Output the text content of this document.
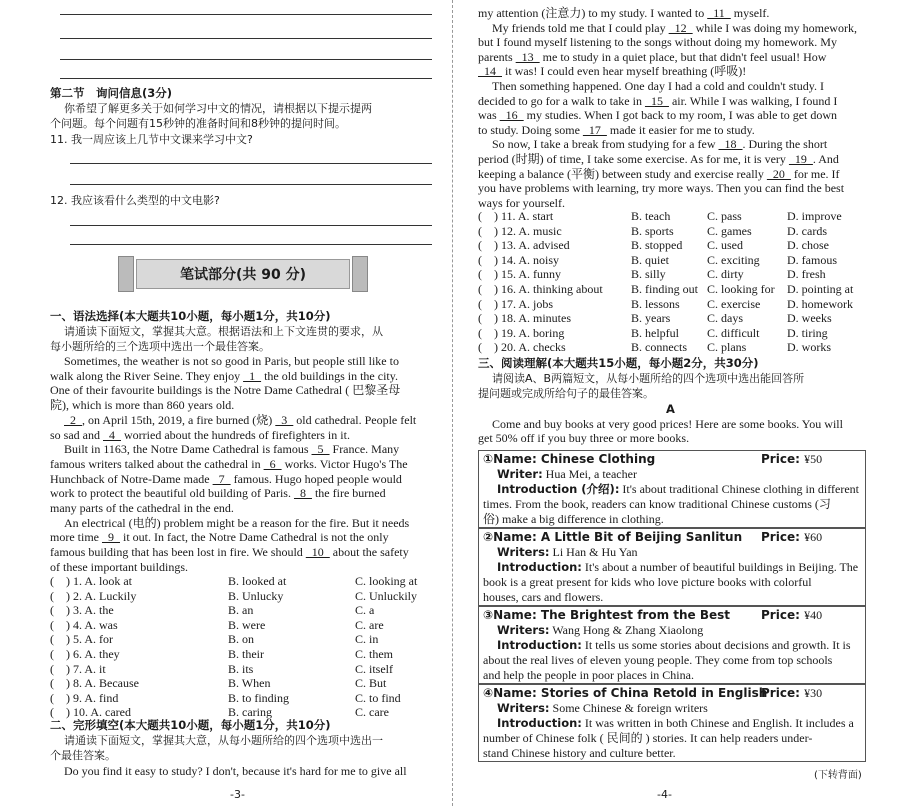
第二节　询问信息(3分)
你希望了解更多关于如何学习中文的情况，请根据以下提示提两
个问题。每个问题有15秒钟的准备时间和8秒钟的提问时间。
11. 我一周应该上几节中文课来学习中文?
12. 我应该看什么类型的中文电影?
笔试部分(共 90 分)
一、语法选择(本大题共10小题，每小题1分，共10分)
请通读下面短文，掌握其大意。根据语法和上下文连贯的要求，从
每小题所给的三个选项中选出一个最佳答案。
Sometimes, the weather is not so good in Paris, but people still like to
walk along the River Seine. They enjoy   1   the old buildings in the city.
One of their favourite buildings is the Notre Dame Cathedral ( 巴黎圣母
院), which is more than 860 years old.
2  , on April 15th, 2019, a fire burned (烧)   3   old cathedral. People felt
so sad and   4   worried about the hundreds of firefighters in it.
Built in 1163, the Notre Dame Cathedral is famous   5   France. Many
famous writers talked about the cathedral in   6   works. Victor Hugo's The
Hunchback of Notre-Dame made   7   famous. Hugo hoped people would
work to protect the beautiful old building of Paris.   8   the fire burned
many parts of the cathedral in the end.
An electrical (电的) problem might be a reason for the fire. But it needs
more time   9   it out. In fact, the Notre Dame Cathedral is not the only
famous building that has been lost in fire. We should   10   about the safety
of these important buildings.
(　) 1. A. look at	B. looked at	C. looking at
(　) 2. A. Luckily	B. Unlucky	C. Unluckily
(　) 3. A. the	B. an	C. a
(　) 4. A. was	B. were	C. are
(　) 5. A. for	B. on	C. in
(　) 6. A. they	B. their	C. them
(　) 7. A. it	B. its	C. itself
(　) 8. A. Because	B. When	C. But
(　) 9. A. find	B. to finding	C. to find
(　) 10. A. cared	B. caring	C. care
二、完形填空(本大题共10小题，每小题1分，共10分)
请通读下面短文，掌握其大意，从每小题所给的四个选项中选出一
个最佳答案。
Do you find it easy to study? I don't, because it's hard for me to give all
-3-
my attention (注意力) to my study. I wanted to   11   myself.
My friends told me that I could play   12   while I was doing my homework,
but I found myself listening to the songs without doing my homework. My
parents   13   me to study in a quiet place, but that didn't feel usual! How
14   it was! I could even hear myself breathing (呼吸)!
Then something happened. One day I had a cold and couldn't study. I
decided to go for a walk to take in   15   air. While I was walking, I found I
was   16   my studies. When I got back to my room, I was able to get down
to study. Doing some   17   made it easier for me to study.
So now, I take a break from studying for a few   18  . During the short
period (时期) of time, I take some exercise. As for me, it is very   19  . And
keeping a balance (平衡) between study and exercise really   20   for me. If
you have problems with learning, try more ways. Then you can find the best
ways for yourself.
(　) 11. A. start	B. teach	C. pass	D. improve
(　) 12. A. music	B. sports	C. games	D. cards
(　) 13. A. advised	B. stopped C. used	D. chose
(　) 14. A. noisy	B. quiet	C. exciting D. famous
(　) 15. A. funny	B. silly	C. dirty	D. fresh
(　) 16. A. thinking about B. finding out C. looking for D. pointing at
(　) 17. A. jobs	B. lessons C. exercise D. homework
(　) 18. A. minutes	B. years	C. days	D. weeks
(　) 19. A. boring	B. helpful C. difficult D. tiring
(　) 20. A. checks	B. connects C. plans	D. works
三、阅读理解(本大题共15小题，每小题2分，共30分)
请阅读A、B两篇短文，从每小题所给的四个选项中选出能回答所
提问题或完成所给句子的最佳答案。
A
Come and buy books at very good prices! Here are some books. You will
get 50% off if you buy three or more books.
①Name: Chinese Clothing	Price: ¥50
Writer: Hua Mei, a teacher
Introduction (介绍): It's about traditional Chinese clothing in different
times. From the book, readers can know traditional Chinese customs (习
俗) make a big difference in clothing.
②Name: A Little Bit of Beijing Sanlitun Price: ¥60
Writers: Li Han & Hu Yan
Introduction: It's about a number of beautiful buildings in Beijing. The
book is a great present for kids who love picture books with colorful
houses, cars and flowers.
③Name: The Brightest from the Best	Price: ¥40
Writers: Wang Hong & Zhang Xiaolong
Introduction: It tells us some stories about decisions and growth. It is
about the real lives of eleven young people. They come from top schools
and help the people in poor places in China.
④Name: Stories of China Retold in English
Price: ¥30
Writers: Some Chinese & foreign writers
Introduction: It was written in both Chinese and English. It includes a
number of Chinese folk ( 民间的 ) stories. It can help readers under-
stand Chinese history and culture better.
(下转背面)
-4-
